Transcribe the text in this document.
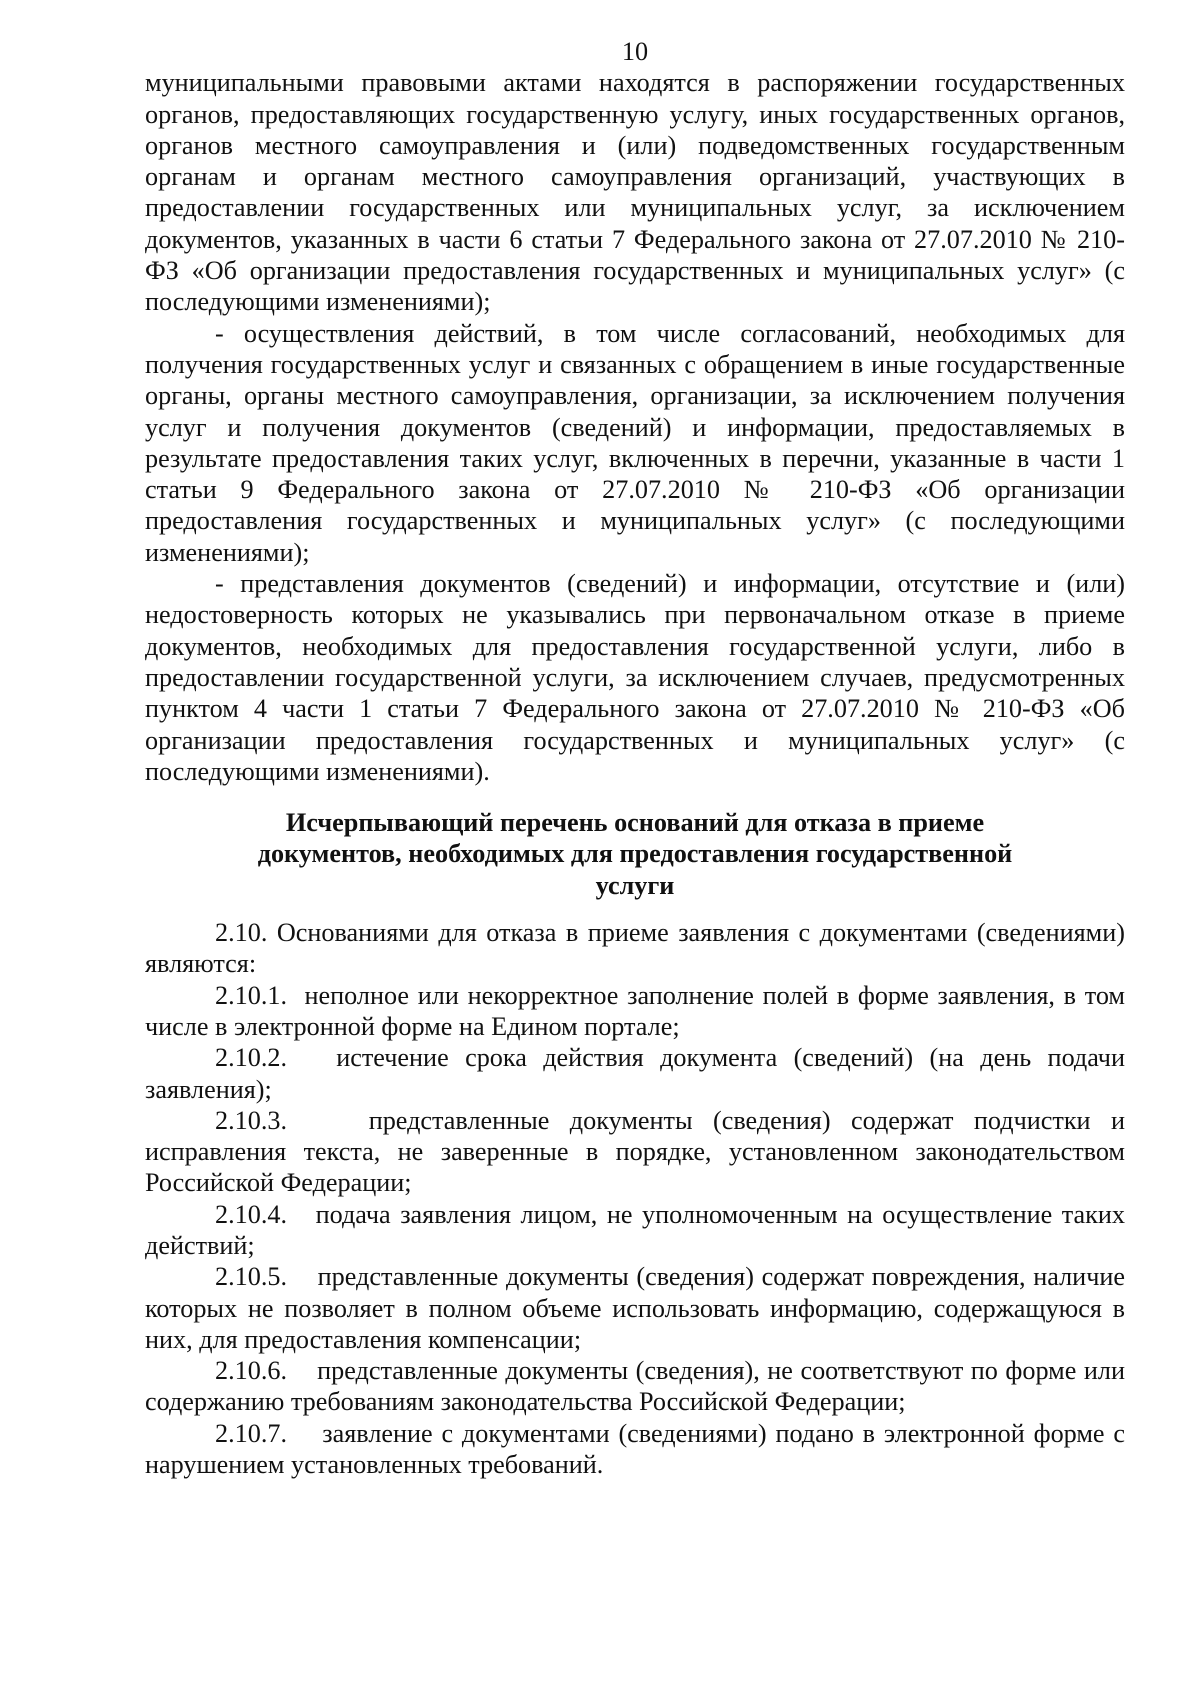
10

муниципальными правовыми актами находятся в распоряжении государственных органов, предоставляющих государственную услугу, иных государственных органов, органов местного самоуправления и (или) подведомственных государственным органам и органам местного самоуправления организаций, участвующих в предоставлении государственных или муниципальных услуг, за исключением документов, указанных в части 6 статьи 7 Федерального закона от 27.07.2010 № 210-ФЗ «Об организации предоставления государственных и муниципальных услуг» (с последующими изменениями);

- осуществления действий, в том числе согласований, необходимых для получения государственных услуг и связанных с обращением в иные государственные органы, органы местного самоуправления, организации, за исключением получения услуг и получения документов (сведений) и информации, предоставляемых в результате предоставления таких услуг, включенных в перечни, указанные в части 1 статьи 9 Федерального закона от 27.07.2010 № 210-ФЗ «Об организации предоставления государственных и муниципальных услуг» (с последующими изменениями);

- представления документов (сведений) и информации, отсутствие и (или) недостоверность которых не указывались при первоначальном отказе в приеме документов, необходимых для предоставления государственной услуги, либо в предоставлении государственной услуги, за исключением случаев, предусмотренных пунктом 4 части 1 статьи 7 Федерального закона от 27.07.2010 № 210-ФЗ «Об организации предоставления государственных и муниципальных услуг» (с последующими изменениями).

Исчерпывающий перечень оснований для отказа в приеме документов, необходимых для предоставления государственной услуги

2.10. Основаниями для отказа в приеме заявления с документами (сведениями) являются:

2.10.1. неполное или некорректное заполнение полей в форме заявления, в том числе в электронной форме на Едином портале;

2.10.2. истечение срока действия документа (сведений) (на день подачи заявления);

2.10.3.	представленные документы (сведения) содержат подчистки и исправления текста, не заверенные в порядке, установленном законодательством Российской Федерации;

2.10.4. подача заявления лицом, не уполномоченным на осуществление таких действий;

2.10.5. представленные документы (сведения) содержат повреждения, наличие которых не позволяет в полном объеме использовать информацию, содержащуюся в них, для предоставления компенсации;

2.10.6. представленные документы (сведения), не соответствуют по форме или содержанию требованиям законодательства Российской Федерации;

2.10.7. заявление с документами (сведениями) подано в электронной форме с нарушением установленных требований.
